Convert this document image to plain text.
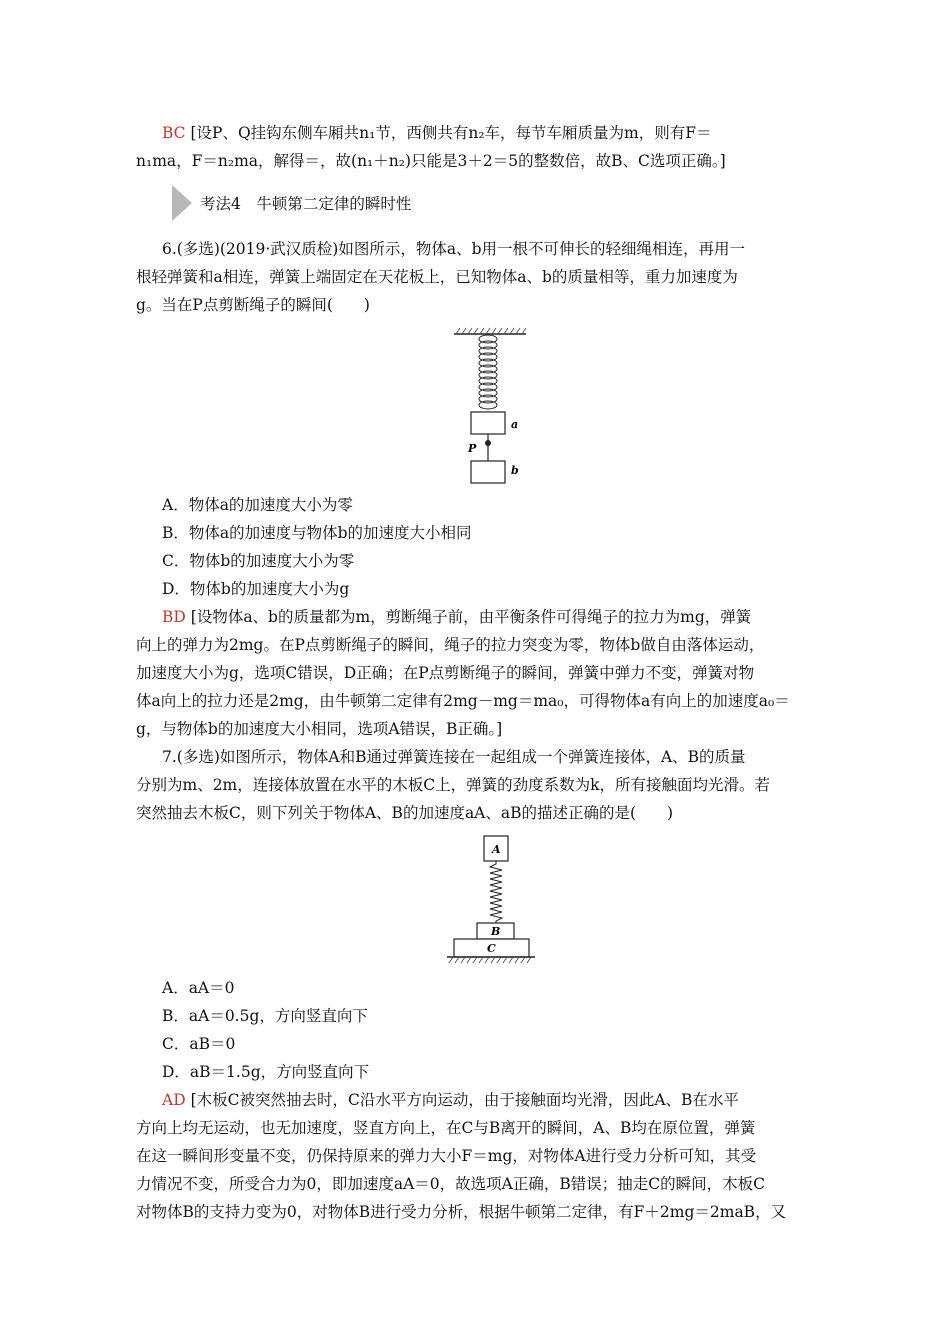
BC [设P、Q挂钩东侧车厢共n₁节，西侧共有n₂车，每节车厢质量为m，则有F＝
n₁ma，F＝n₂ma，解得＝，故(n₁＋n₂)只能是3＋2＝5的整数倍，故B、C选项正确。]
考法4　牛顿第二定律的瞬时性
6.(多选)(2019·武汉质检)如图所示，物体a、b用一根不可伸长的轻细绳相连，再用一
根轻弹簧和a相连，弹簧上端固定在天花板上，已知物体a、b的质量相等，重力加速度为
g。当在P点剪断绳子的瞬间(　　)
a
P
b
A．物体a的加速度大小为零
B．物体a的加速度与物体b的加速度大小相同
C．物体b的加速度大小为零
D．物体b的加速度大小为g
BD [设物体a、b的质量都为m，剪断绳子前，由平衡条件可得绳子的拉力为mg，弹簧
向上的弹力为2mg。在P点剪断绳子的瞬间，绳子的拉力突变为零，物体b做自由落体运动，
加速度大小为g，选项C错误，D正确；在P点剪断绳子的瞬间，弹簧中弹力不变，弹簧对物
体a向上的拉力还是2mg，由牛顿第二定律有2mg－mg＝ma₀，可得物体a有向上的加速度a₀＝
g，与物体b的加速度大小相同，选项A错误，B正确。]
7.(多选)如图所示，物体A和B通过弹簧连接在一起组成一个弹簧连接体，A、B的质量
分别为m、2m，连接体放置在水平的木板C上，弹簧的劲度系数为k，所有接触面均光滑。若
突然抽去木板C，则下列关于物体A、B的加速度aA、aB的描述正确的是(　　)
A
B
C
A．aA＝0
B．aA＝0.5g，方向竖直向下
C．aB＝0
D．aB＝1.5g，方向竖直向下
AD [木板C被突然抽去时，C沿水平方向运动，由于接触面均光滑，因此A、B在水平
方向上均无运动，也无加速度，竖直方向上，在C与B离开的瞬间，A、B均在原位置，弹簧
在这一瞬间形变量不变，仍保持原来的弹力大小F＝mg，对物体A进行受力分析可知，其受
力情况不变，所受合力为0，即加速度aA＝0，故选项A正确，B错误；抽走C的瞬间，木板C
对物体B的支持力变为0，对物体B进行受力分析，根据牛顿第二定律，有F＋2mg＝2maB，又
